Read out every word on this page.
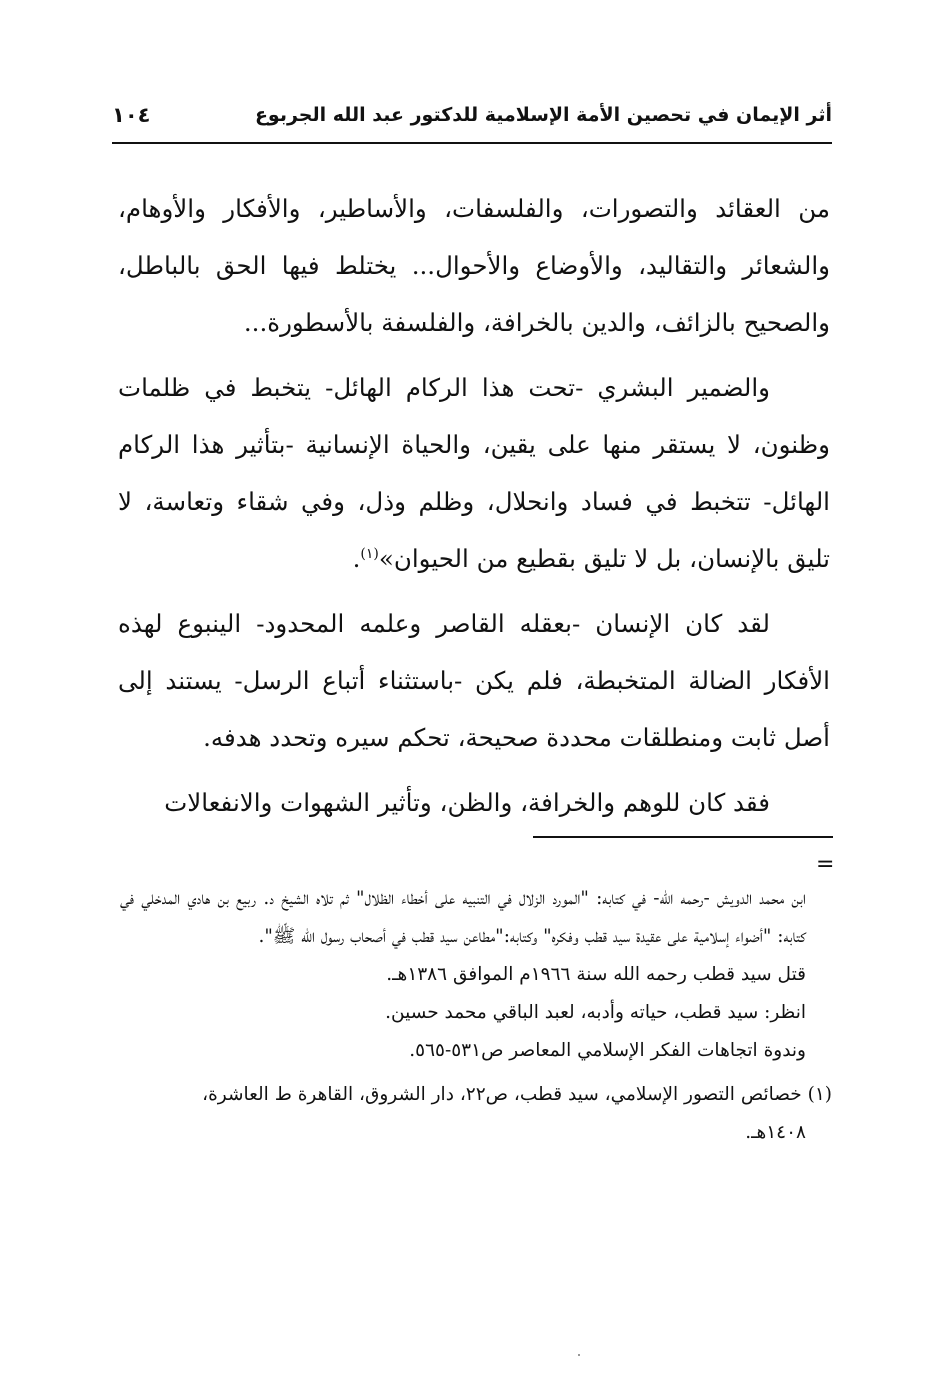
أثر الإيمان في تحصين الأمة الإسلامية للدكتور عبد الله الجربوع
١٠٤

من العقائد والتصورات، والفلسفات، والأساطير، والأفكار والأوهام، والشعائر والتقاليد، والأوضاع والأحوال... يختلط فيها الحق بالباطل، والصحيح بالزائف، والدين بالخرافة، والفلسفة بالأسطورة...

والضمير البشري -تحت هذا الركام الهائل- يتخبط في ظلمات وظنون، لا يستقر منها على يقين، والحياة الإنسانية -بتأثير هذا الركام الهائل- تتخبط في فساد وانحلال، وظلم وذل، وفي شقاء وتعاسة، لا تليق بالإنسان، بل لا تليق بقطيع من الحيوان»$^{(١)}$.

لقد كان الإنسان -بعقله القاصر وعلمه المحدود- الينبوع لهذه الأفكار الضالة المتخبطة، فلم يكن -باستثناء أتباع الرسل- يستند إلى أصل ثابت ومنطلقات محددة صحيحة، تحكم سيره وتحدد هدفه.

فقد كان للوهم والخرافة، والظن، وتأثير الشهوات والانفعالات

=
ابن محمد الدويش -رحمه الله- في كتابه: "المورد الزلال في التنبيه على أخطاء الظلال" ثم تلاه الشيخ د. ربيع بن هادي المدخلي في كتابه: "أضواء إسلامية على عقيدة سيد قطب وفكره" وكتابه:"مطاعن سيد قطب في أصحاب رسول الله ﷺ".

قتل سيد قطب رحمه الله سنة ١٩٦٦م الموافق ١٣٨٦هـ.

انظر: سيد قطب، حياته وأدبه، لعبد الباقي محمد حسين.

وندوة اتجاهات الفكر الإسلامي المعاصر ص٥٣١-٥٦٥.

(١) خصائص التصور الإسلامي، سيد قطب، ص٢٢، دار الشروق، القاهرة ط العاشرة،
١٤٠٨هـ.
